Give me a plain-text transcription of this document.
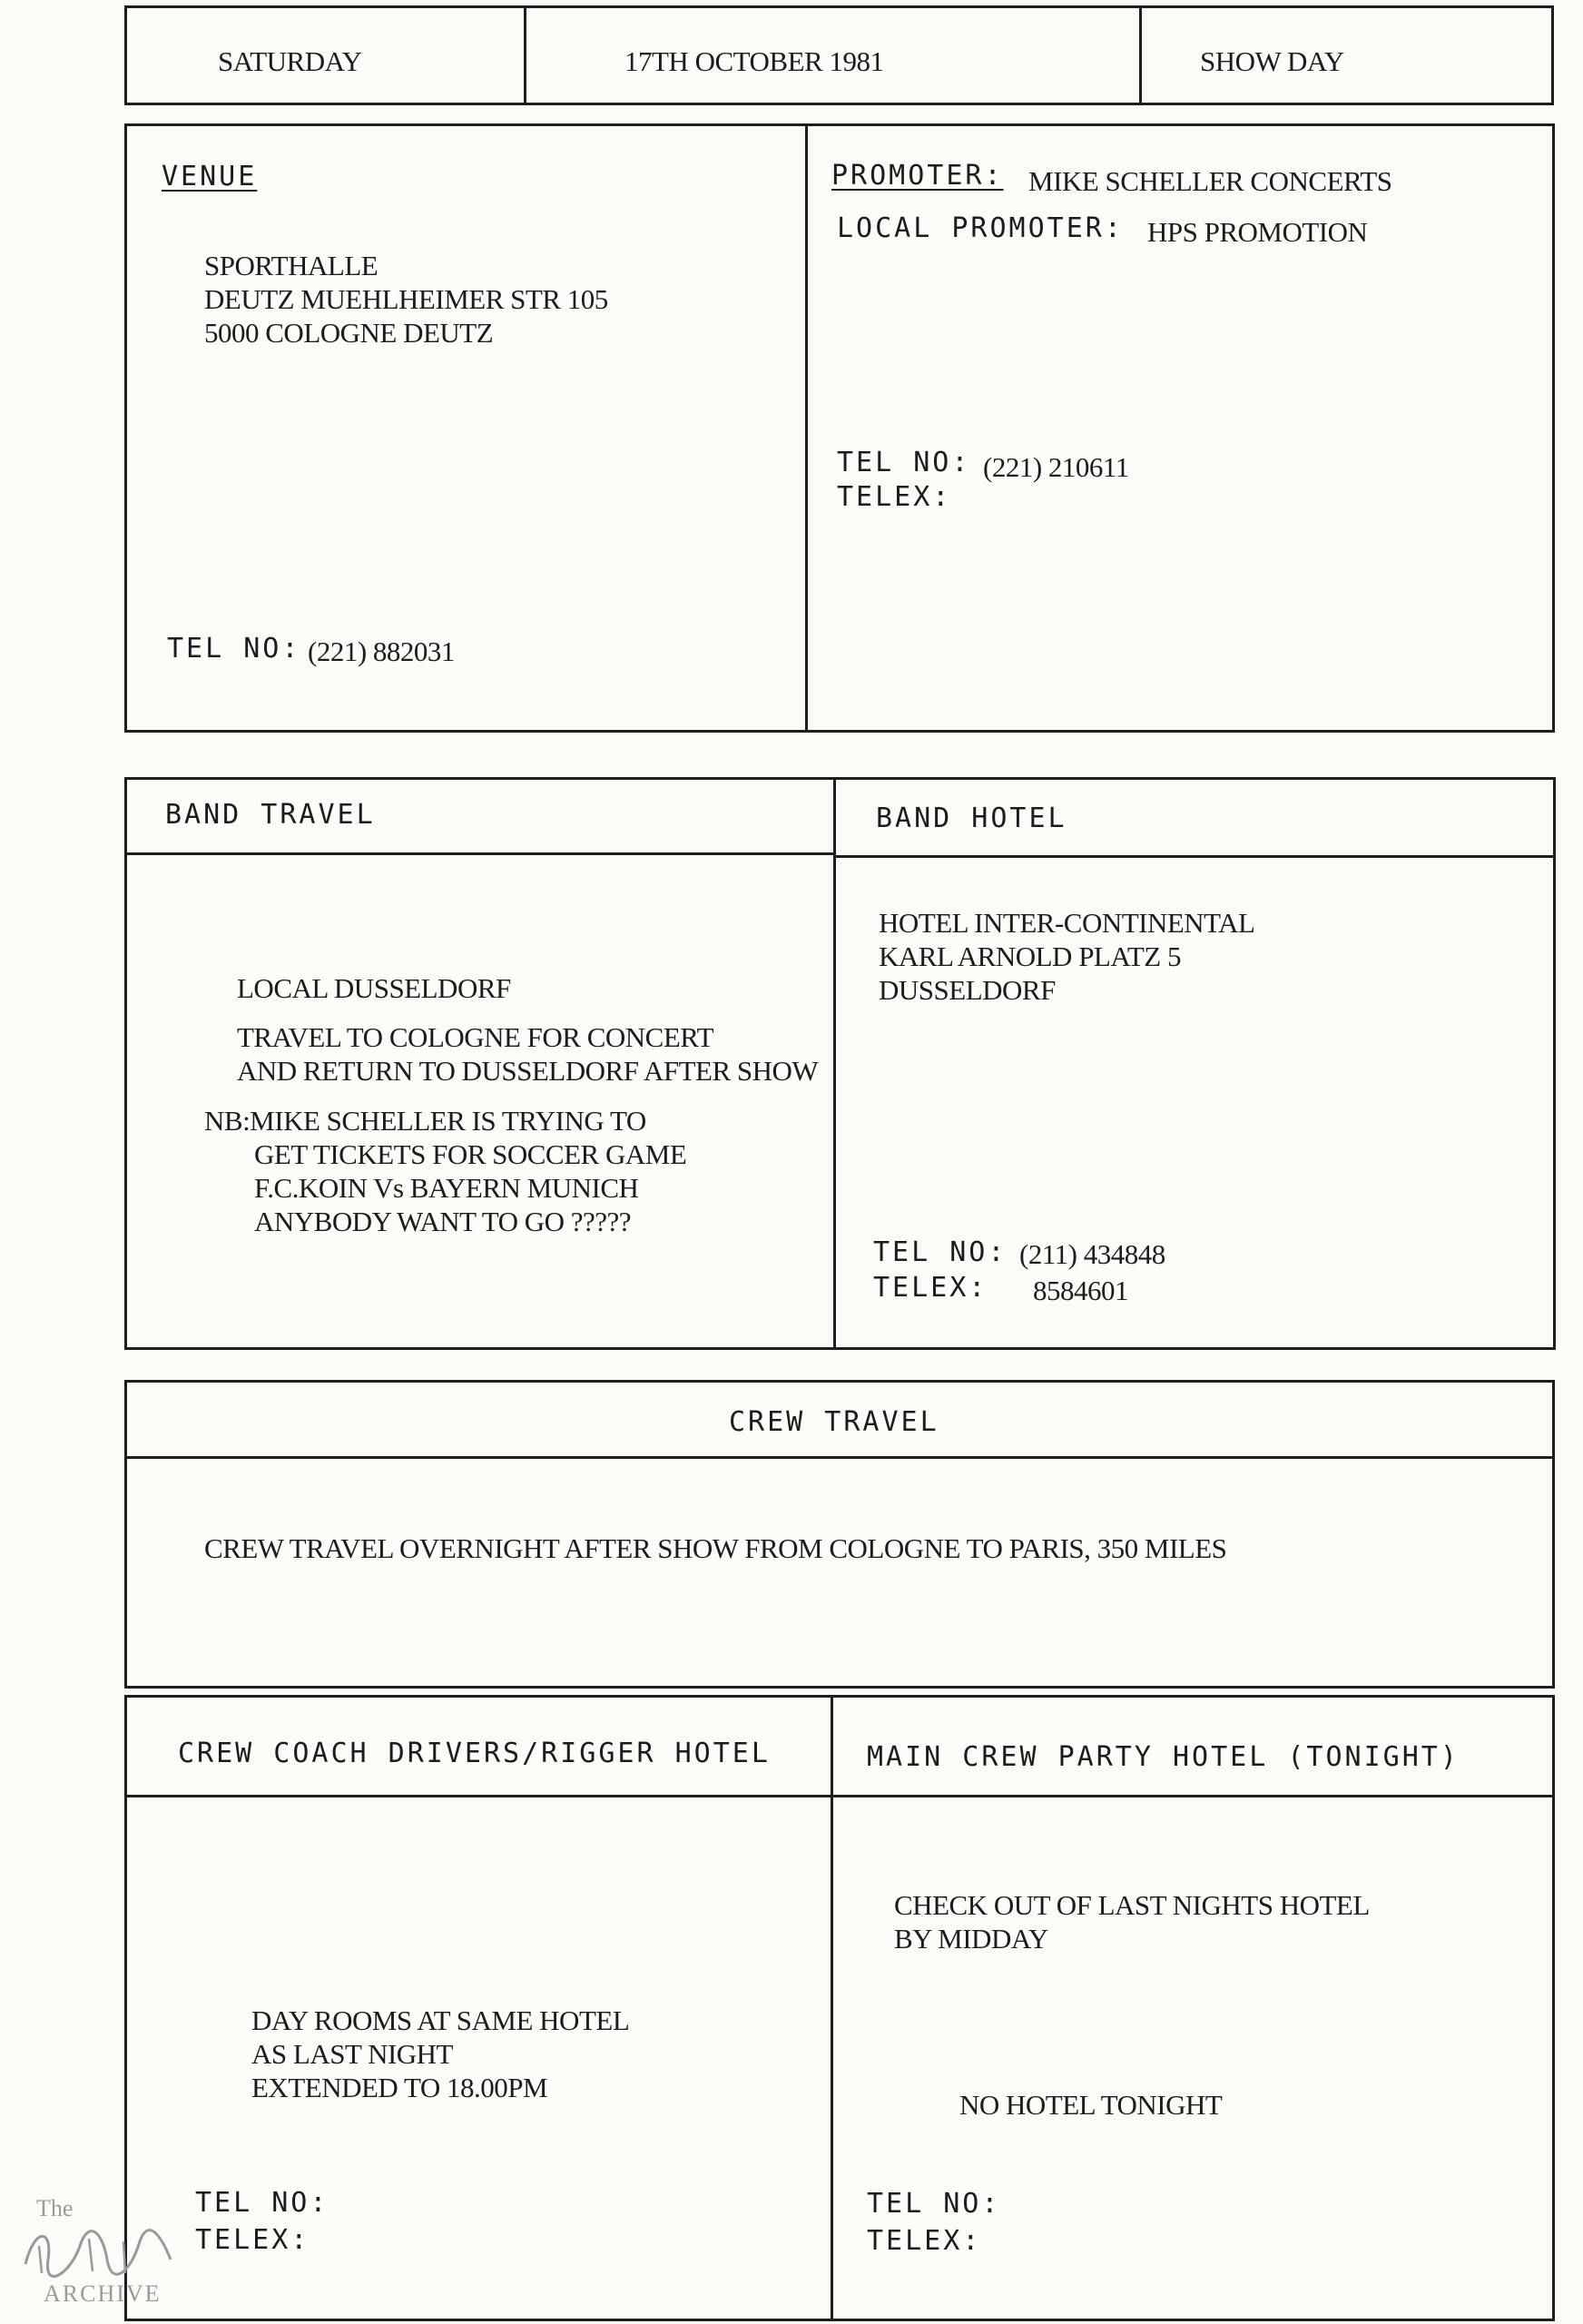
SATURDAY	17TH OCTOBER 1981	SHOW DAY
VENUE
SPORTHALLE
DEUTZ MUEHLHEIMER STR 105
5000 COLOGNE DEUTZ
TEL NO: (221) 882031
PROMOTER: MIKE SCHELLER CONCERTS
LOCAL PROMOTER: HPS PROMOTION
TEL NO: (221) 210611
TELEX:
BAND TRAVEL
LOCAL DUSSELDORF
TRAVEL TO COLOGNE FOR CONCERT
AND RETURN TO DUSSELDORF AFTER SHOW
NB:MIKE SCHELLER IS TRYING TO
GET TICKETS FOR SOCCER GAME
F.C.KOIN Vs BAYERN MUNICH
ANYBODY WANT TO GO ?????
BAND HOTEL
HOTEL INTER-CONTINENTAL
KARL ARNOLD PLATZ 5
DUSSELDORF
TEL NO: (211) 434848
TELEX: 8584601
CREW TRAVEL
CREW TRAVEL OVERNIGHT AFTER SHOW FROM COLOGNE TO PARIS, 350 MILES
CREW COACH DRIVERS/RIGGER HOTEL
DAY ROOMS AT SAME HOTEL
AS LAST NIGHT
EXTENDED TO 18.00PM
TEL NO:
TELEX:
MAIN CREW PARTY HOTEL (TONIGHT)
CHECK OUT OF LAST NIGHTS HOTEL
BY MIDDAY
NO HOTEL TONIGHT
TEL NO:
TELEX:
The
ARCHIVE
